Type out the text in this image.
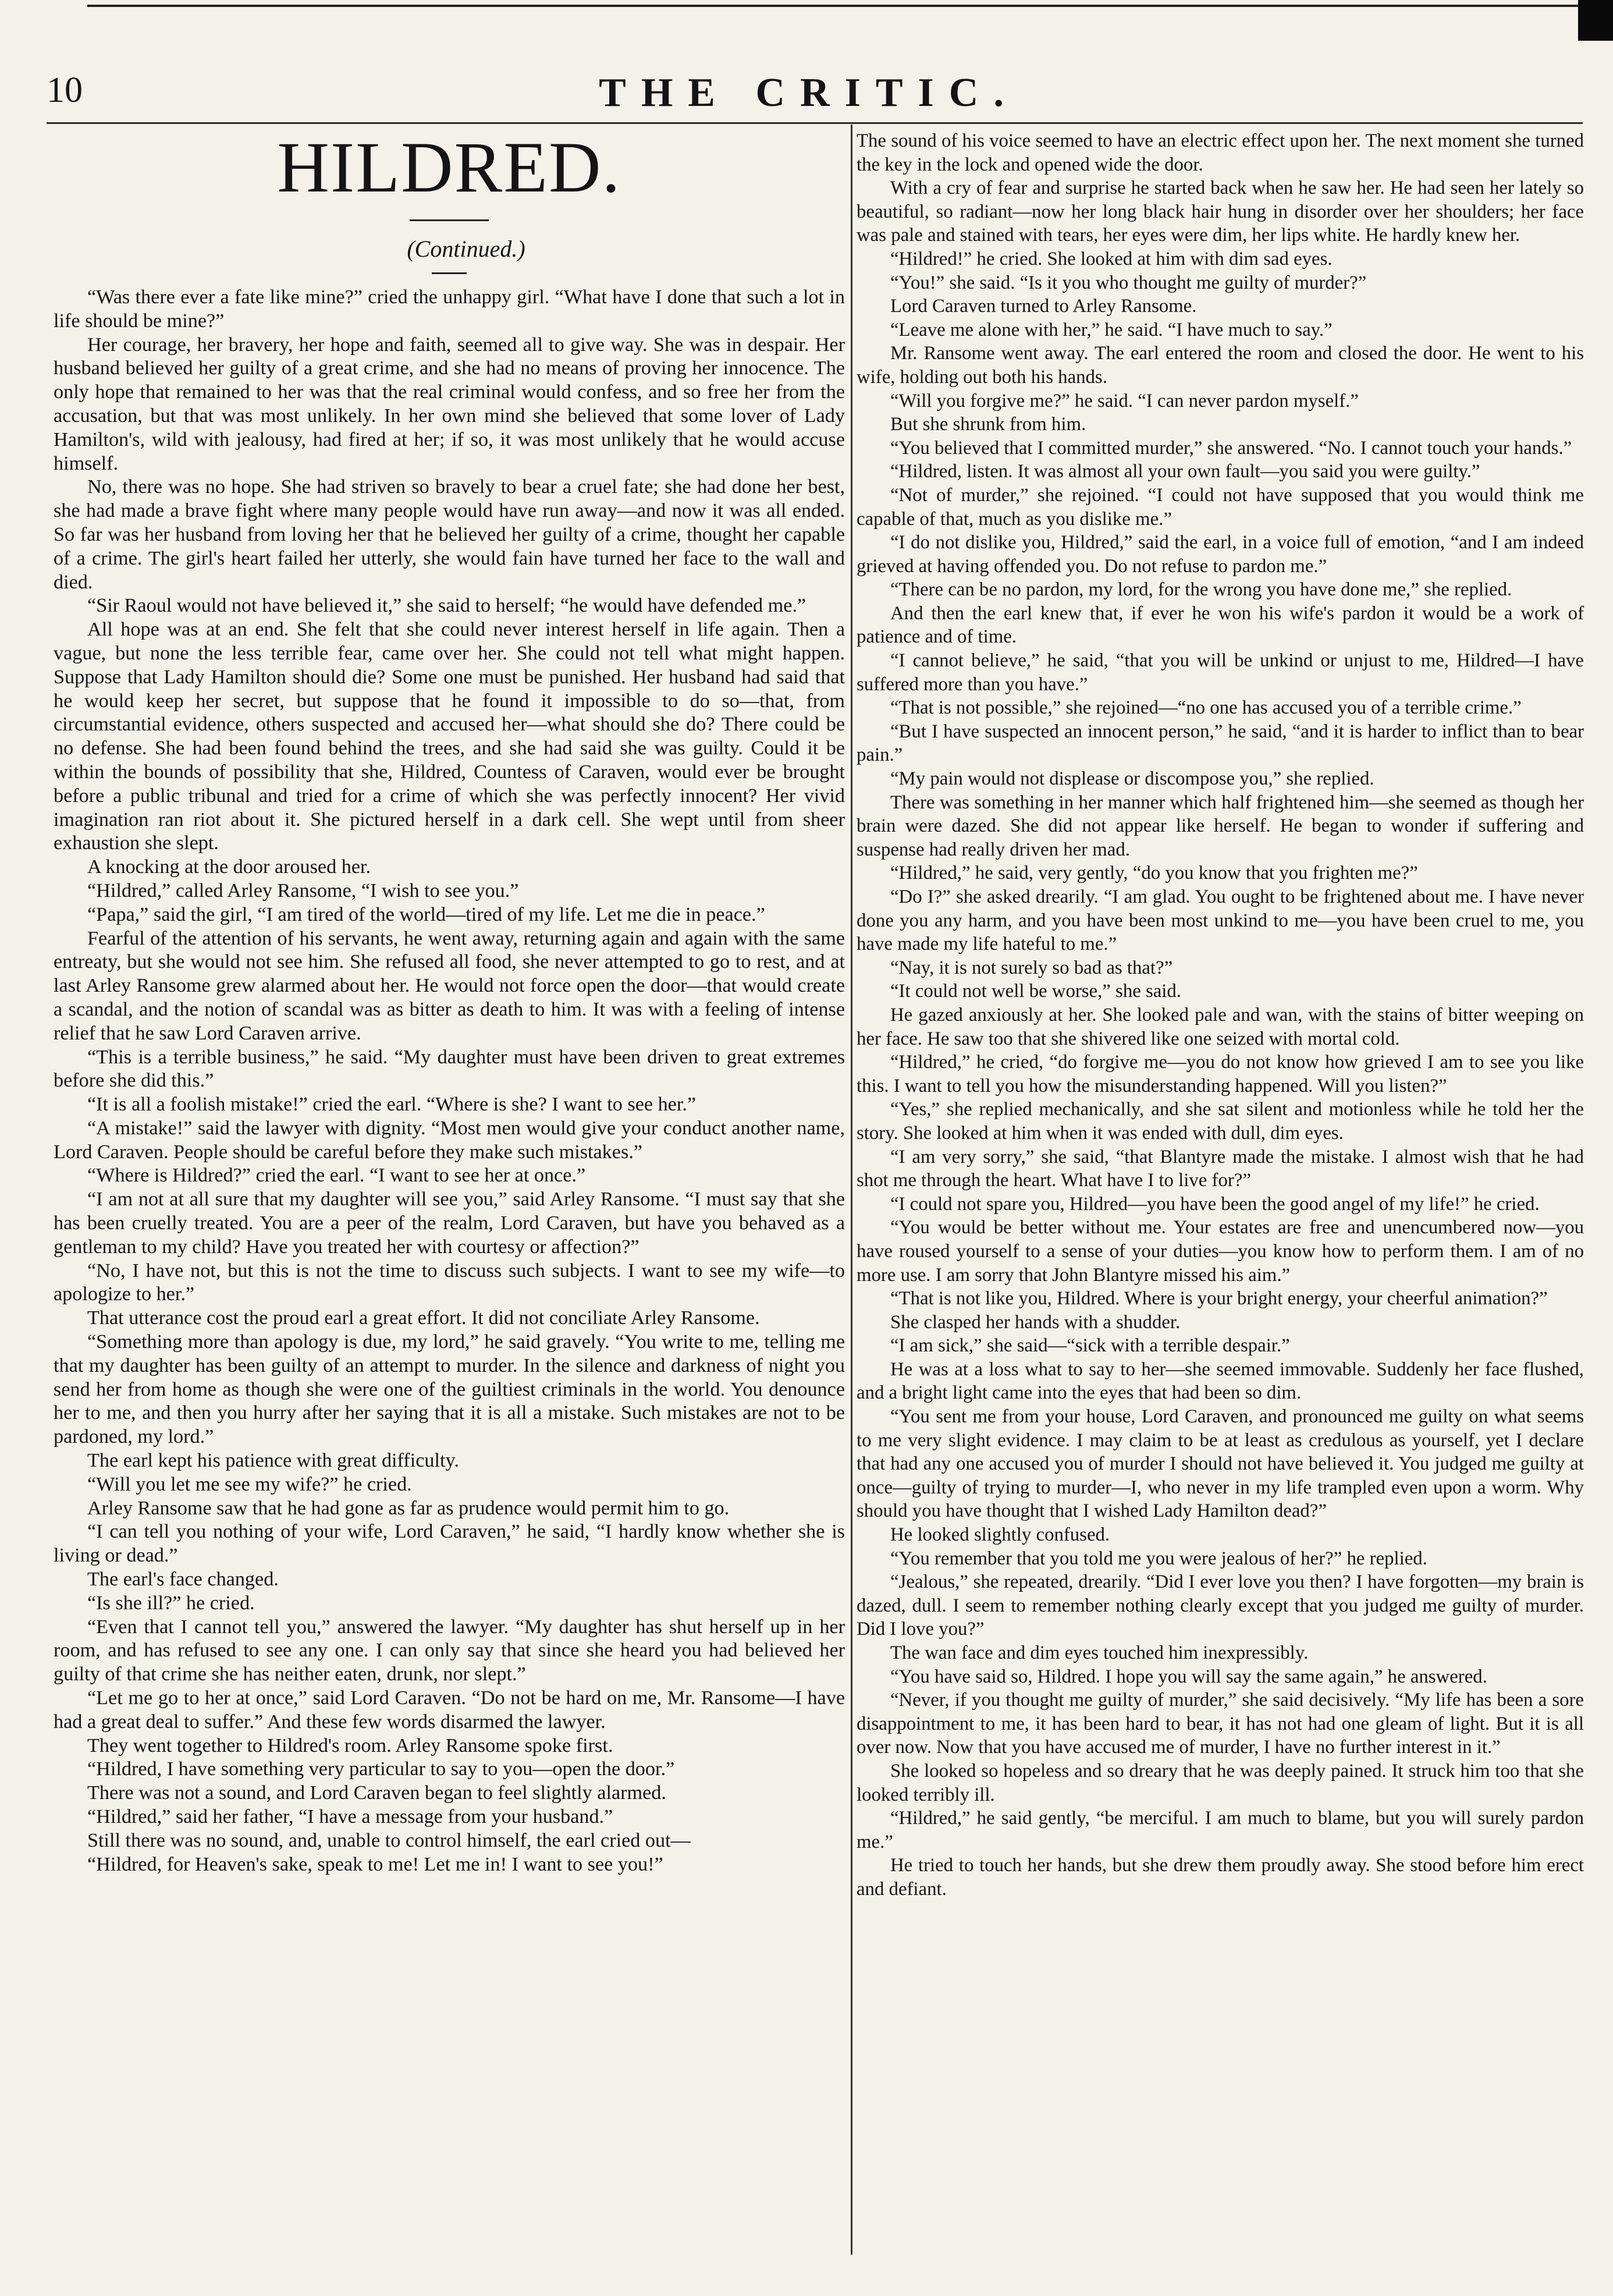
10	THE CRITIC.
HILDRED.

(Continued.)

“Was there ever a fate like mine?” cried the unhappy girl. “What have I done that such a lot in life should be mine?”

Her courage, her bravery, her hope and faith, seemed all to give way. She was in despair. Her husband believed her guilty of a great crime, and she had no means of proving her innocence. The only hope that remained to her was that the real criminal would confess, and so free her from the accusation, but that was most unlikely. In her own mind she believed that some lover of Lady Hamilton's, wild with jealousy, had fired at her; if so, it was most unlikely that he would accuse himself.

No, there was no hope. She had striven so bravely to bear a cruel fate; she had done her best, she had made a brave fight where many people would have run away—and now it was all ended. So far was her husband from loving her that he believed her guilty of a crime, thought her capable of a crime. The girl's heart failed her utterly, she would fain have turned her face to the wall and died.

“Sir Raoul would not have believed it,” she said to herself; “he would have defended me.”

All hope was at an end. She felt that she could never interest herself in life again. Then a vague, but none the less terrible fear, came over her. She could not tell what might happen. Suppose that Lady Hamilton should die? Some one must be punished. Her husband had said that he would keep her secret, but suppose that he found it impossible to do so—that, from circumstantial evidence, others suspected and accused her—what should she do? There could be no defense. She had been found behind the trees, and she had said she was guilty. Could it be within the bounds of possibility that she, Hildred, Countess of Caraven, would ever be brought before a public tribunal and tried for a crime of which she was perfectly innocent? Her vivid imagination ran riot about it. She pictured herself in a dark cell. She wept until from sheer exhaustion she slept.

A knocking at the door aroused her.

“Hildred,” called Arley Ransome, “I wish to see you.”

“Papa,” said the girl, “I am tired of the world—tired of my life. Let me die in peace.”

Fearful of the attention of his servants, he went away, returning again and again with the same entreaty, but she would not see him. She refused all food, she never attempted to go to rest, and at last Arley Ransome grew alarmed about her. He would not force open the door—that would create a scandal, and the notion of scandal was as bitter as death to him. It was with a feeling of intense relief that he saw Lord Caraven arrive.

“This is a terrible business,” he said. “My daughter must have been driven to great extremes before she did this.”

“It is all a foolish mistake!” cried the earl. “Where is she? I want to see her.”

“A mistake!” said the lawyer with dignity. “Most men would give your conduct another name, Lord Caraven. People should be careful before they make such mistakes.”

“Where is Hildred?” cried the earl. “I want to see her at once.”

“I am not at all sure that my daughter will see you,” said Arley Ransome. “I must say that she has been cruelly treated. You are a peer of the realm, Lord Caraven, but have you behaved as a gentleman to my child? Have you treated her with courtesy or affection?”

“No, I have not, but this is not the time to discuss such subjects. I want to see my wife—to apologize to her.”

That utterance cost the proud earl a great effort. It did not conciliate Arley Ransome.

“Something more than apology is due, my lord,” he said gravely. “You write to me, telling me that my daughter has been guilty of an attempt to murder. In the silence and darkness of night you send her from home as though she were one of the guiltiest criminals in the world. You denounce her to me, and then you hurry after her saying that it is all a mistake. Such mistakes are not to be pardoned, my lord.”

The earl kept his patience with great difficulty.

“Will you let me see my wife?” he cried.

Arley Ransome saw that he had gone as far as prudence would permit him to go.

“I can tell you nothing of your wife, Lord Caraven,” he said, “I hardly know whether she is living or dead.”

The earl's face changed.

“Is she ill?” he cried.

“Even that I cannot tell you,” answered the lawyer. “My daughter has shut herself up in her room, and has refused to see any one. I can only say that since she heard you had believed her guilty of that crime she has neither eaten, drunk, nor slept.”

“Let me go to her at once,” said Lord Caraven. “Do not be hard on me, Mr. Ransome—I have had a great deal to suffer.” And these few words disarmed the lawyer.

They went together to Hildred's room. Arley Ransome spoke first.

“Hildred, I have something very particular to say to you—open the door.”

There was not a sound, and Lord Caraven began to feel slightly alarmed.

“Hildred,” said her father, “I have a message from your husband.”

Still there was no sound, and, unable to control himself, the earl cried out—

“Hildred, for Heaven's sake, speak to me! Let me in! I want to see you!”

The sound of his voice seemed to have an electric effect upon her. The next moment she turned the key in the lock and opened wide the door.

With a cry of fear and surprise he started back when he saw her. He had seen her lately so beautiful, so radiant—now her long black hair hung in disorder over her shoulders; her face was pale and stained with tears, her eyes were dim, her lips white. He hardly knew her.

“Hildred!” he cried. She looked at him with dim sad eyes.

“You!” she said. “Is it you who thought me guilty of murder?”

Lord Caraven turned to Arley Ransome.

“Leave me alone with her,” he said. “I have much to say.”

Mr. Ransome went away. The earl entered the room and closed the door. He went to his wife, holding out both his hands.

“Will you forgive me?” he said. “I can never pardon myself.”

But she shrunk from him.

“You believed that I committed murder,” she answered. “No. I cannot touch your hands.”

“Hildred, listen. It was almost all your own fault—you said you were guilty.”

“Not of murder,” she rejoined. “I could not have supposed that you would think me capable of that, much as you dislike me.”

“I do not dislike you, Hildred,” said the earl, in a voice full of emotion, “and I am indeed grieved at having offended you. Do not refuse to pardon me.”

“There can be no pardon, my lord, for the wrong you have done me,” she replied.

And then the earl knew that, if ever he won his wife's pardon it would be a work of patience and of time.

“I cannot believe,” he said, “that you will be unkind or unjust to me, Hildred—I have suffered more than you have.”

“That is not possible,” she rejoined—“no one has accused you of a terrible crime.”

“But I have suspected an innocent person,” he said, “and it is harder to inflict than to bear pain.”

“My pain would not displease or discompose you,” she replied.

There was something in her manner which half frightened him—she seemed as though her brain were dazed. She did not appear like herself. He began to wonder if suffering and suspense had really driven her mad.

“Hildred,” he said, very gently, “do you know that you frighten me?”

“Do I?” she asked drearily. “I am glad. You ought to be frightened about me. I have never done you any harm, and you have been most unkind to me—you have been cruel to me, you have made my life hateful to me.”

“Nay, it is not surely so bad as that?”

“It could not well be worse,” she said.

He gazed anxiously at her. She looked pale and wan, with the stains of bitter weeping on her face. He saw too that she shivered like one seized with mortal cold.

“Hildred,” he cried, “do forgive me—you do not know how grieved I am to see you like this. I want to tell you how the misunderstanding happened. Will you listen?”

“Yes,” she replied mechanically, and she sat silent and motionless while he told her the story. She looked at him when it was ended with dull, dim eyes.

“I am very sorry,” she said, “that Blantyre made the mistake. I almost wish that he had shot me through the heart. What have I to live for?”

“I could not spare you, Hildred—you have been the good angel of my life!” he cried.

“You would be better without me. Your estates are free and unencumbered now—you have roused yourself to a sense of your duties—you know how to perform them. I am of no more use. I am sorry that John Blantyre missed his aim.”

“That is not like you, Hildred. Where is your bright energy, your cheerful animation?”

She clasped her hands with a shudder.

“I am sick,” she said—“sick with a terrible despair.”

He was at a loss what to say to her—she seemed immovable. Suddenly her face flushed, and a bright light came into the eyes that had been so dim.

“You sent me from your house, Lord Caraven, and pronounced me guilty on what seems to me very slight evidence. I may claim to be at least as credulous as yourself, yet I declare that had any one accused you of murder I should not have believed it. You judged me guilty at once—guilty of trying to murder—I, who never in my life trampled even upon a worm. Why should you have thought that I wished Lady Hamilton dead?”

He looked slightly confused.

“You remember that you told me you were jealous of her?” he replied.

“Jealous,” she repeated, drearily. “Did I ever love you then? I have forgotten—my brain is dazed, dull. I seem to remember nothing clearly except that you judged me guilty of murder. Did I love you?”

The wan face and dim eyes touched him inexpressibly.

“You have said so, Hildred. I hope you will say the same again,” he answered.

“Never, if you thought me guilty of murder,” she said decisively. “My life has been a sore disappointment to me, it has been hard to bear, it has not had one gleam of light. But it is all over now. Now that you have accused me of murder, I have no further interest in it.”

She looked so hopeless and so dreary that he was deeply pained. It struck him too that she looked terribly ill.

“Hildred,” he said gently, “be merciful. I am much to blame, but you will surely pardon me.”

He tried to touch her hands, but she drew them proudly away. She stood before him erect and defiant.
